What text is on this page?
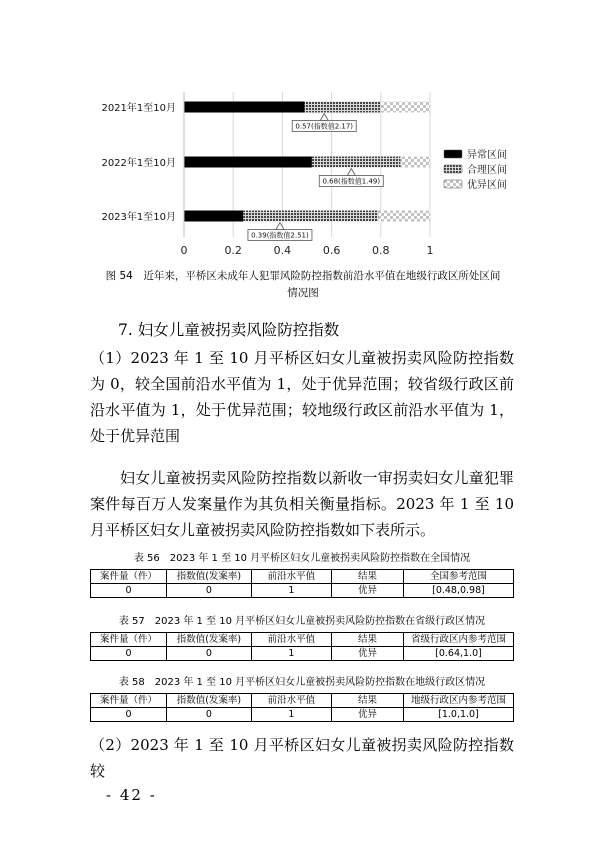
0.57(指数值2.17)
0.68(指数值1.49)
0.39(指数值2.51)
0	0.2	0.4	0.6	0.8	1
2021年1至10月
2022年1至10月
2023年1至10月
异常区间
合理区间
优异区间
图 54　近年来，平桥区未成年人犯罪风险防控指数前沿水平值在地级行政区所处区间
情况图
7. 妇女儿童被拐卖风险防控指数
（1）2023 年 1 至 10 月平桥区妇女儿童被拐卖风险防控指数为 0，较全国前沿水平值为 1，处于优异范围；较省级行政区前沿水平值为 1，处于优异范围；较地级行政区前沿水平值为 1，处于优异范围
妇女儿童被拐卖风险防控指数以新收一审拐卖妇女儿童犯罪案件每百万人发案量作为其负相关衡量指标。2023 年 1 至 10 月平桥区妇女儿童被拐卖风险防控指数如下表所示。
表 56　2023 年 1 至 10 月平桥区妇女儿童被拐卖风险防控指数在全国情况
案件量（件）	指数值(发案率)	前沿水平值	结果	全国参考范围
0	0	1	优异	[0.48,0.98]
表 57　2023 年 1 至 10 月平桥区妇女儿童被拐卖风险防控指数在省级行政区情况
案件量（件）	指数值(发案率)	前沿水平值	结果	省级行政区内参考范围
0	0	1	优异	[0.64,1.0]
表 58　2023 年 1 至 10 月平桥区妇女儿童被拐卖风险防控指数在地级行政区情况
案件量（件）	指数值(发案率)	前沿水平值	结果	地级行政区内参考范围
0	0	1	优异	[1.0,1.0]
（2）2023 年 1 至 10 月平桥区妇女儿童被拐卖风险防控指数较
- 42 -
